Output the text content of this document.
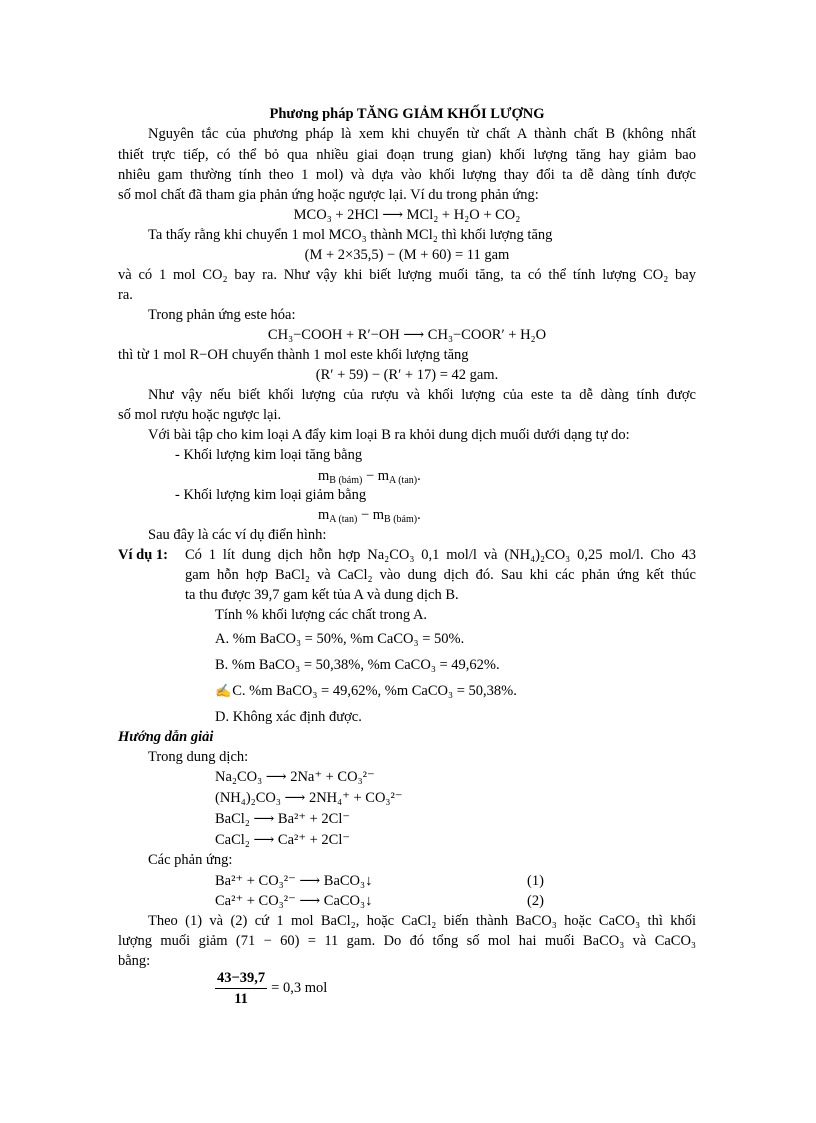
Phương pháp TĂNG GIẢM KHỐI LƯỢNG
Nguyên tắc của phương pháp là xem khi chuyển từ chất A thành chất B (không nhất
thiết trực tiếp, có thể bỏ qua nhiều giai đoạn trung gian) khối lượng tăng hay giảm bao
nhiêu gam thường tính theo 1 mol) và dựa vào khối lượng thay đổi ta dễ dàng tính được
số mol chất đã tham gia phản ứng hoặc ngược lại. Ví du trong phản ứng:
MCO₃ + 2HCl ⟶ MCl₂ + H₂O + CO₂
Ta thấy rằng khi chuyển 1 mol MCO₃ thành MCl₂ thì khối lượng tăng
(M + 2×35,5) − (M + 60) = 11 gam
và có 1 mol CO₂ bay ra. Như vậy khi biết lượng muối tăng, ta có thể tính lượng CO₂ bay
ra.
Trong phản ứng este hóa:
CH₃−COOH + R′−OH ⟶ CH₃−COOR′ + H₂O
thì từ 1 mol R−OH chuyển thành 1 mol este khối lượng tăng
(R′ + 59) − (R′ + 17) = 42 gam.
Như vậy nếu biết khối lượng của rượu và khối lượng của este ta dễ dàng tính được
số mol rượu hoặc ngược lại.
Với bài tập cho kim loại A đẩy kim loại B ra khỏi dung dịch muối dưới dạng tự do:
- Khối lượng kim loại tăng bằng
$m_{B (bám)} - m_{A (tan)}$.
- Khối lượng kim loại giảm bằng
$m_{A (tan)} - m_{B (bám)}$.
Sau đây là các ví dụ điển hình:
Ví dụ 1: Có 1 lít dung dịch hỗn hợp Na₂CO₃ 0,1 mol/l và (NH₄)₂CO₃ 0,25 mol/l. Cho 43
gam hỗn hợp BaCl₂ và CaCl₂ vào dung dịch đó. Sau khi các phản ứng kết thúc
ta thu được 39,7 gam kết tủa A và dung dịch B.
Tính % khối lượng các chất trong A.
A. %m BaCO₃ = 50%, %m CaCO₃ = 50%.
B. %m BaCO₃ = 50,38%, %m CaCO₃ = 49,62%.
✍C. %m BaCO₃ = 49,62%, %m CaCO₃ = 50,38%.
D. Không xác định được.
Hướng dẫn giải
Trong dung dịch:
Na₂CO₃ ⟶ 2Na⁺ + CO₃²⁻
(NH₄)₂CO₃ ⟶ 2NH₄⁺ + CO₃²⁻
BaCl₂ ⟶ Ba²⁺ + 2Cl⁻
CaCl₂ ⟶ Ca²⁺ + 2Cl⁻
Các phản ứng:
Ba²⁺ + CO₃²⁻ ⟶ BaCO₃↓	(1)
Ca²⁺ + CO₃²⁻ ⟶ CaCO₃↓	(2)
Theo (1) và (2) cứ 1 mol BaCl₂, hoặc CaCl₂ biến thành BaCO₃ hoặc CaCO₃ thì khối
lượng muối giảm (71 − 60) = 11 gam. Do đó tổng số mol hai muối BaCO₃ và CaCO₃
bằng:
$\frac{43-39,7}{11} = 0,3$ mol
